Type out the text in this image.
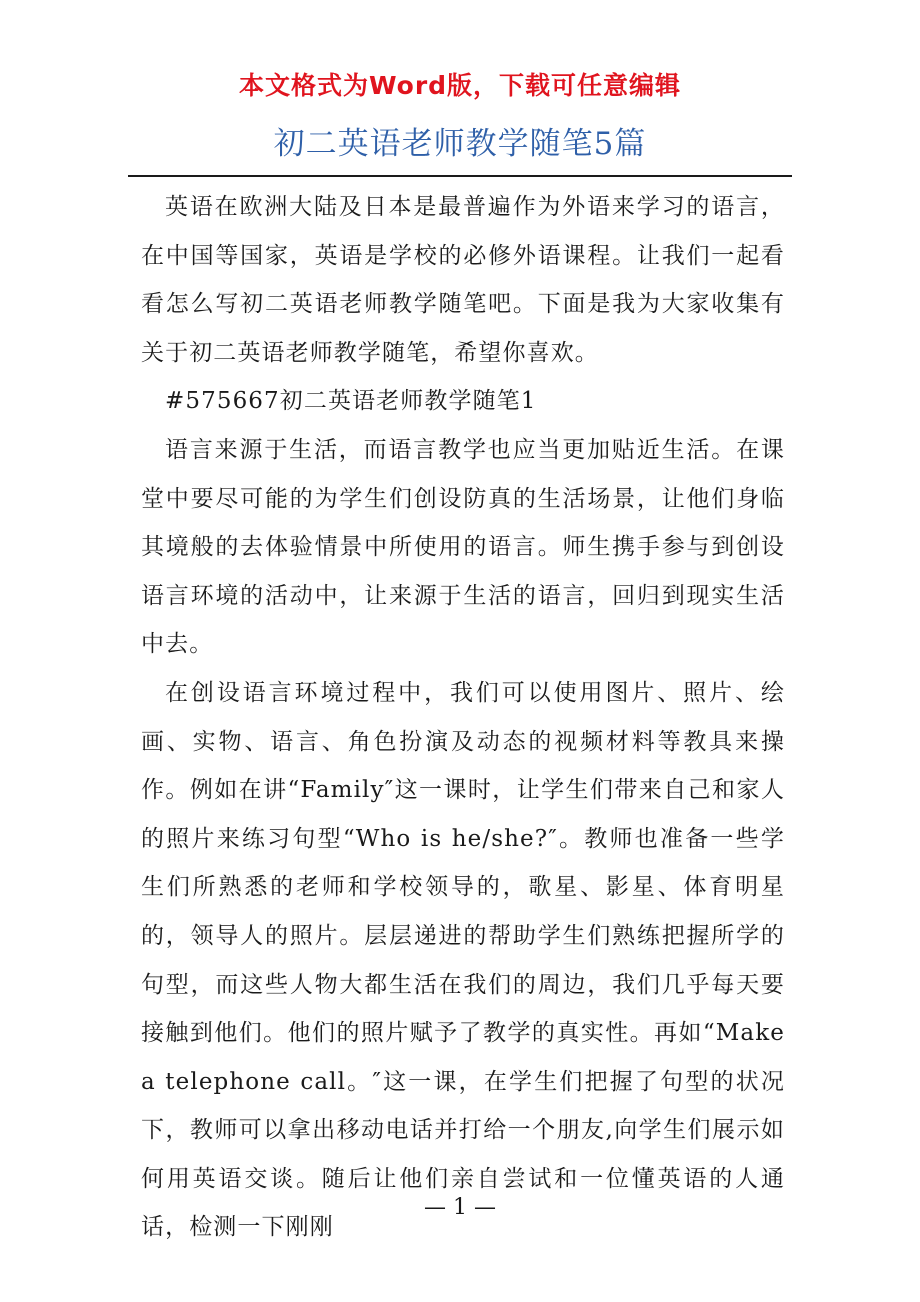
本文格式为Word版，下载可任意编辑
初二英语老师教学随笔5篇

英语在欧洲大陆及日本是最普遍作为外语来学习的语言，在中国等国家，英语是学校的必修外语课程。让我们一起看看怎么写初二英语老师教学随笔吧。下面是我为大家收集有关于初二英语老师教学随笔，希望你喜欢。

#575667初二英语老师教学随笔1

语言来源于生活，而语言教学也应当更加贴近生活。在课堂中要尽可能的为学生们创设防真的生活场景，让他们身临其境般的去体验情景中所使用的语言。师生携手参与到创设语言环境的活动中，让来源于生活的语言，回归到现实生活中去。

在创设语言环境过程中，我们可以使用图片、照片、绘画、实物、语言、角色扮演及动态的视频材料等教具来操作。例如在讲“Family″这一课时，让学生们带来自己和家人的照片来练习句型“Who is he/she?″。教师也准备一些学生们所熟悉的老师和学校领导的，歌星、影星、体育明星的，领导人的照片。层层递进的帮助学生们熟练把握所学的句型，而这些人物大都生活在我们的周边，我们几乎每天要接触到他们。他们的照片赋予了教学的真实性。再如“Make a telephone call。″这一课，在学生们把握了句型的状况下，教师可以拿出移动电话并打给一个朋友,向学生们展示如何用英语交谈。随后让他们亲自尝试和一位懂英语的人通话，检测一下刚刚

— 1 —
